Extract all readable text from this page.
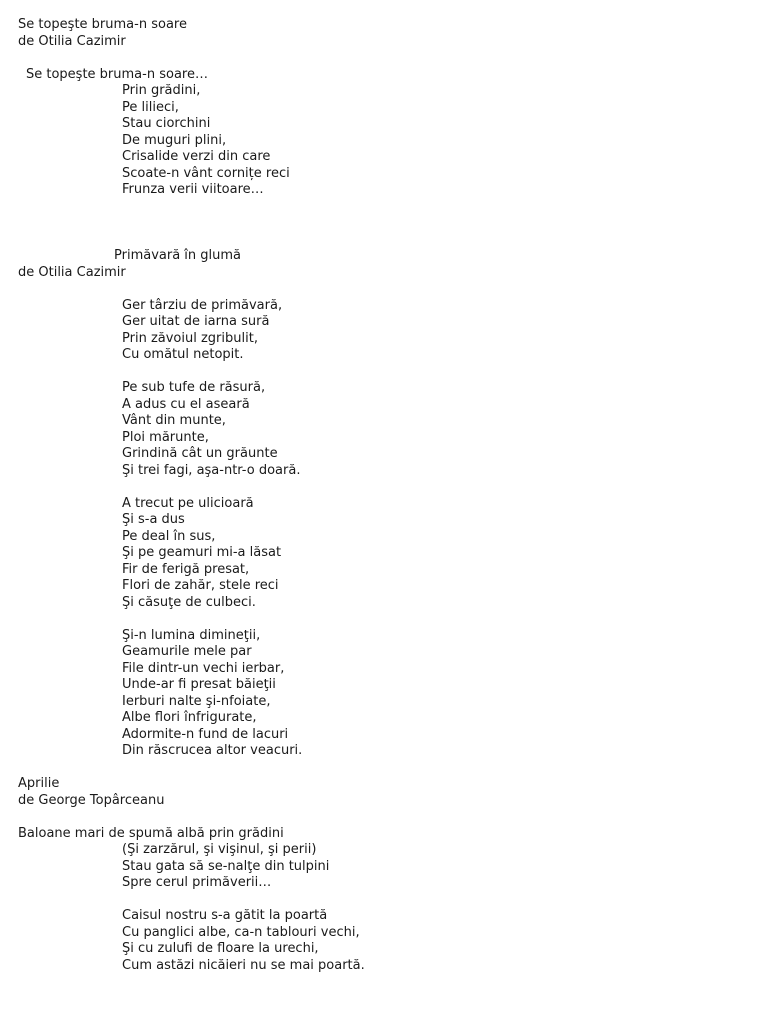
Se topeşte bruma-n soare
de Otilia Cazimir
Se topeşte bruma-n soare…
Prin grădini,
Pe lilieci,
Stau ciorchini
De muguri plini,
Crisalide verzi din care
Scoate-n vânt cornițe reci
Frunza verii viitoare…
Primăvară în glumă
de Otilia Cazimir
Ger târziu de primăvară,
Ger uitat de iarna sură
Prin zăvoiul zgribulit,
Cu omătul netopit.
Pe sub tufe de răsură,
A adus cu el aseară
Vânt din munte,
Ploi mărunte,
Grindină cât un grăunte
Şi trei fagi, aşa-ntr-o doară.
A trecut pe ulicioară
Şi s-a dus
Pe deal în sus,
Şi pe geamuri mi-a lăsat
Fir de ferigă presat,
Flori de zahăr, stele reci
Şi căsuţe de culbeci.
Şi-n lumina dimineţii,
Geamurile mele par
File dintr-un vechi ierbar,
Unde-ar fi presat băieţii
Ierburi nalte şi-nfoiate,
Albe flori înfrigurate,
Adormite-n fund de lacuri
Din răscrucea altor veacuri.
Aprilie
de George Topârceanu
Baloane mari de spumă albă prin grădini
(Şi zarzărul, şi vişinul, şi perii)
Stau gata să se-nalţe din tulpini
Spre cerul primăverii…
Caisul nostru s-a gătit la poartă
Cu panglici albe, ca-n tablouri vechi,
Şi cu zulufi de floare la urechi,
Cum astăzi nicăieri nu se mai poartă.
